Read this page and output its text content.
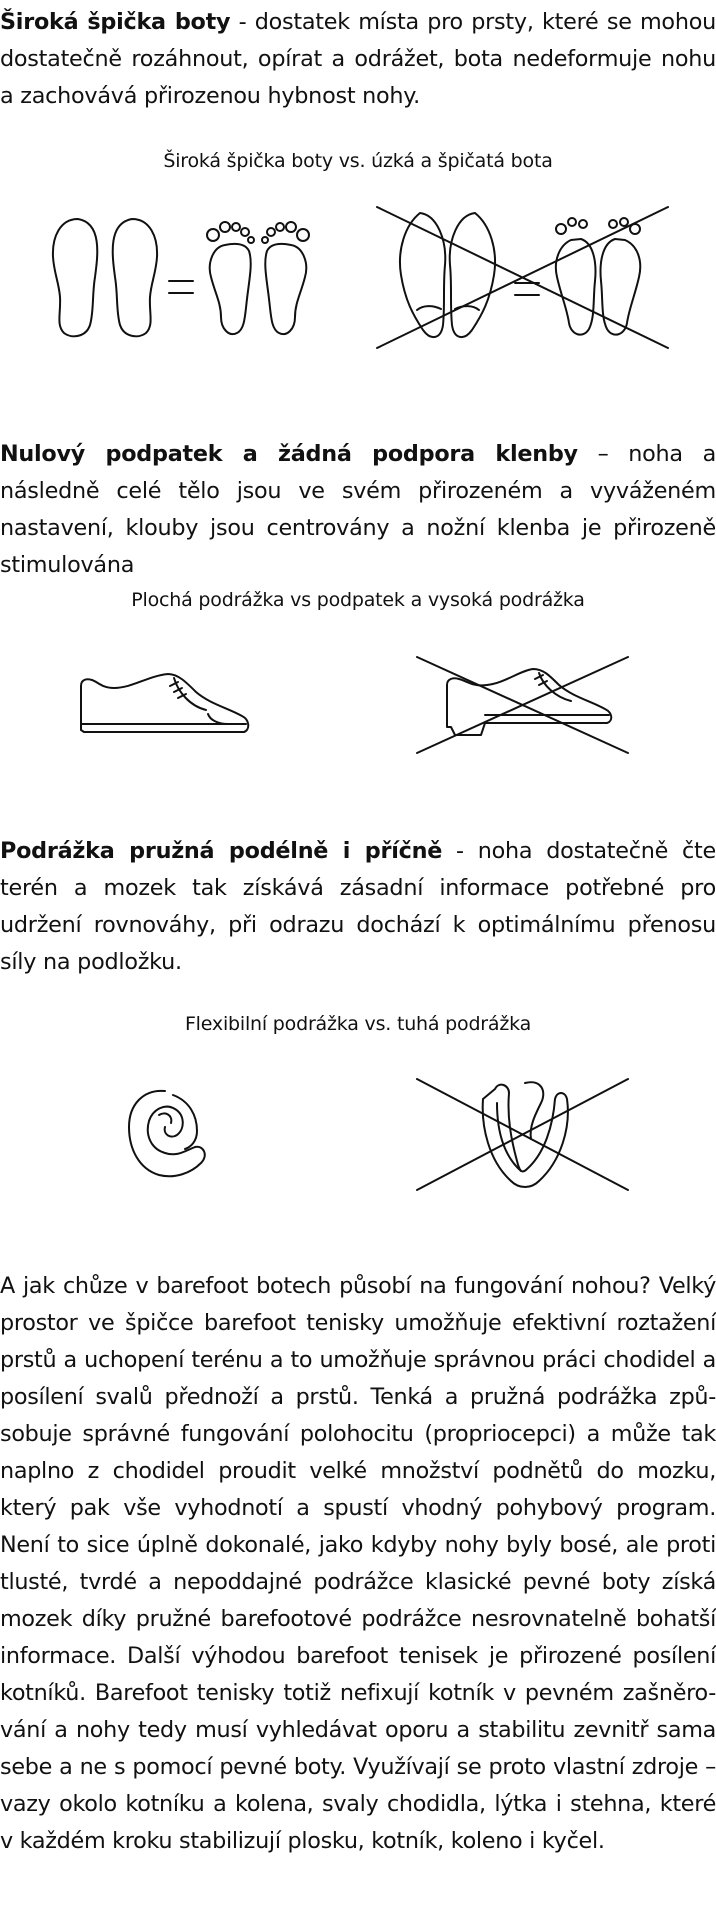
Široká špička boty - dostatek místa pro prsty, které se mohou dostatečně rozáhnout, opírat a odrážet, bota nedeformuje nohu a zachovává přirozenou hybnost nohy.

Široká špička boty vs. úzká a špičatá bota

Nulový podpatek a žádná podpora klenby – noha a následně celé tělo jsou ve svém přirozeném a vyváženém nastavení, klouby jsou centrovány a nožní klenba je přirozeně stimulována

Plochá podrážka vs podpatek a vysoká podrážka

Podrážka pružná podélně i příčně - noha dostatečně čte terén a mozek tak získává zásadní informace potřebné pro udržení rovnováhy, při odrazu dochází k optimálnímu přenosu síly na podložku.

Flexibilní podrážka vs. tuhá podrážka

A jak chůze v barefoot botech působí na fungování nohou? Velký prostor ve špičce barefoot tenisky umožňuje efektivní roztažení prstů a uchopení terénu a to umožňuje správnou práci chodidel a posílení svalů přednoží a prstů. Tenká a pružná podrážka způ-sobuje správné fungování polohocitu (propriocepci) a může tak naplno z chodidel proudit velké množství podnětů do mozku, který pak vše vyhodnotí a spustí vhodný pohybový program. Není to sice úplně dokonalé, jako kdyby nohy byly bosé, ale proti tlusté, tvrdé a nepoddajné podrážce klasické pevné boty získá mozek díky pružné barefootové podrážce nesrovnatelně bohatší informace. Další výhodou barefoot tenisek je přirozené posílení kotníků. Barefoot tenisky totiž nefixují kotník v pevném zašněro-vání a nohy tedy musí vyhledávat oporu a stabilitu zevnitř sama sebe a ne s pomocí pevné boty. Využívají se proto vlastní zdroje – vazy okolo kotníku a kolena, svaly chodidla, lýtka i stehna, které v každém kroku stabilizují plosku, kotník, koleno i kyčel.
